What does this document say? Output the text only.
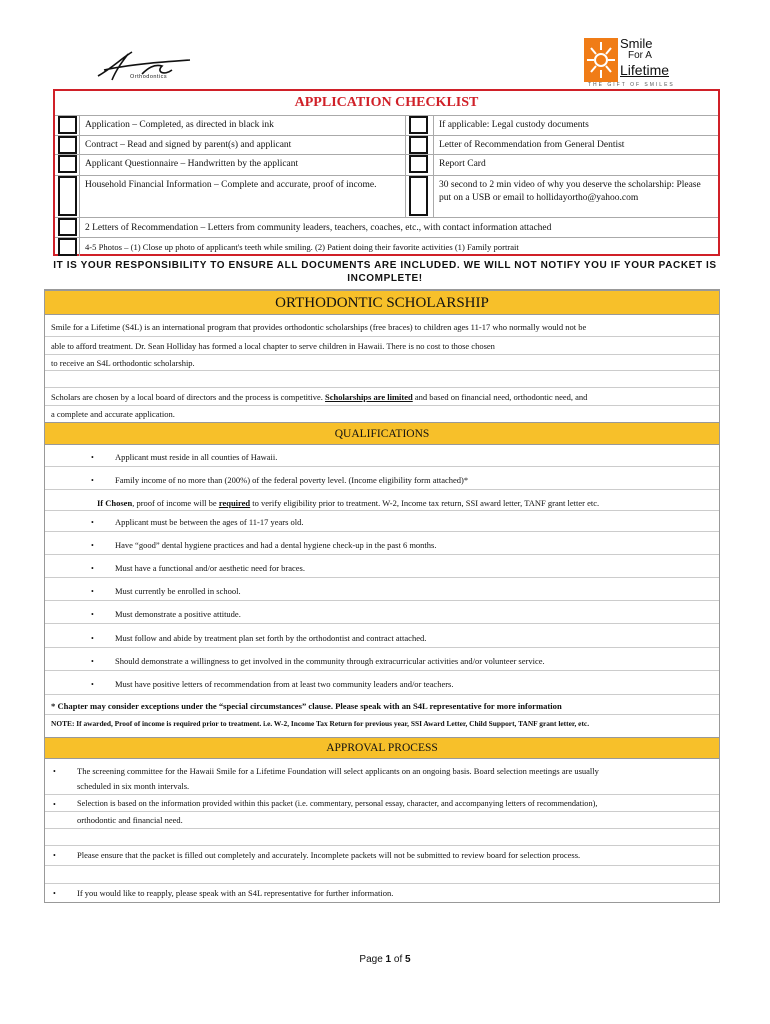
Orthodontics
Smile
For A
Lifetime
THE GIFT OF SMILES
APPLICATION CHECKLIST
Application – Completed, as directed in black ink
Contract – Read and signed by parent(s) and applicant
Applicant Questionnaire – Handwritten by the applicant
Household Financial Information – Complete and accurate, proof of income.
If applicable: Legal custody documents
Letter of Recommendation from General Dentist
Report Card
30 second to 2 min video of why you deserve the scholarship: Please put on a USB or email to hollidayortho@yahoo.com
2 Letters of Recommendation – Letters from community leaders, teachers, coaches, etc., with contact information attached
4-5 Photos – (1) Close up photo of applicant's teeth while smiling. (2) Patient doing their favorite activities (1) Family portrait
IT IS YOUR RESPONSIBILITY TO ENSURE ALL DOCUMENTS ARE INCLUDED. WE WILL NOT NOTIFY YOU IF YOUR PACKET IS INCOMPLETE!
ORTHODONTIC SCHOLARSHIP
Smile for a Lifetime (S4L) is an international program that provides orthodontic scholarships (free braces) to children ages 11-17 who normally would not be
able to afford treatment. Dr. Sean Holliday has formed a local chapter to serve children in Hawaii. There is no cost to those chosen
to receive an S4L orthodontic scholarship.
Scholars are chosen by a local board of directors and the process is competitive. Scholarships are limited and based on financial need, orthodontic need, and
a complete and accurate application.
QUALIFICATIONS
• Applicant must reside in all counties of Hawaii.
• Family income of no more than (200%) of the federal poverty level. (Income eligibility form attached)*
If Chosen, proof of income will be required to verify eligibility prior to treatment. W-2, Income tax return, SSI award letter, TANF grant letter etc.
• Applicant must be between the ages of 11-17 years old.
• Have “good” dental hygiene practices and had a dental hygiene check-up in the past 6 months.
• Must have a functional and/or aesthetic need for braces.
• Must currently be enrolled in school.
• Must demonstrate a positive attitude.
• Must follow and abide by treatment plan set forth by the orthodontist and contract attached.
• Should demonstrate a willingness to get involved in the community through extracurricular activities and/or volunteer service.
• Must have positive letters of recommendation from at least two community leaders and/or teachers.
* Chapter may consider exceptions under the “special circumstances” clause. Please speak with an S4L representative for more information
NOTE: If awarded, Proof of income is required prior to treatment. i.e. W-2, Income Tax Return for previous year, SSI Award Letter, Child Support, TANF grant letter, etc.
APPROVAL PROCESS
• The screening committee for the Hawaii Smile for a Lifetime Foundation will select applicants on an ongoing basis. Board selection meetings are usually
scheduled in six month intervals.
•	Selection is based on the information provided within this packet (i.e. commentary, personal essay, character, and accompanying letters of recommendation),
orthodontic and financial need.
• Please ensure that the packet is filled out completely and accurately. Incomplete packets will not be submitted to review board for selection process.
• If you would like to reapply, please speak with an S4L representative for further information.
Page 1 of 5
